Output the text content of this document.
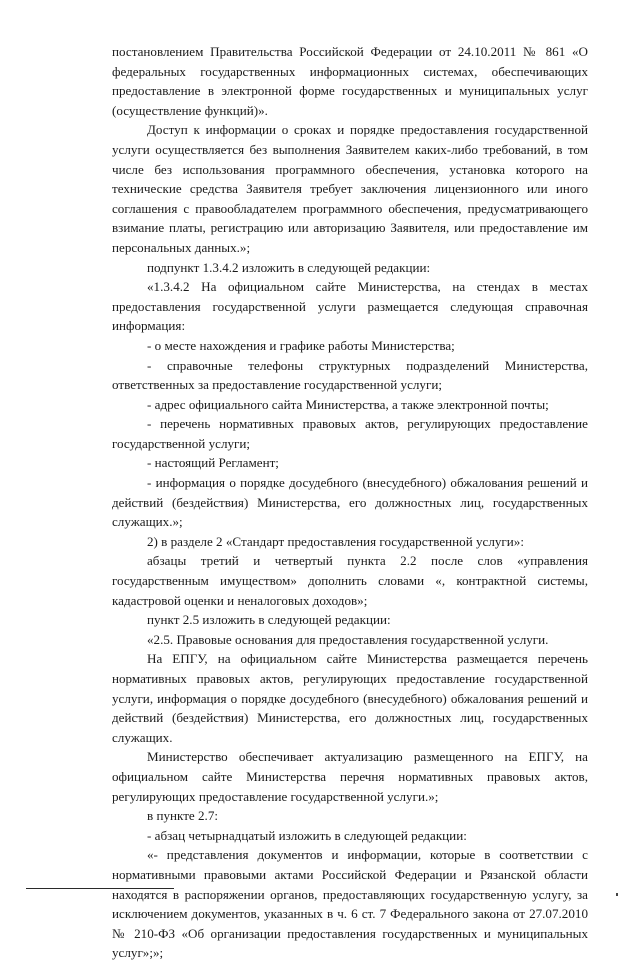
постановлением Правительства Российской Федерации от 24.10.2011 № 861 «О федеральных государственных информационных системах, обеспечивающих предоставление в электронной форме государственных и муниципальных услуг (осуществление функций)».

Доступ к информации о сроках и порядке предоставления государственной услуги осуществляется без выполнения Заявителем каких-либо требований, в том числе без использования программного обеспечения, установка которого на технические средства Заявителя требует заключения лицензионного или иного соглашения с правообладателем программного обеспечения, предусматривающего взимание платы, регистрацию или авторизацию Заявителя, или предоставление им персональных данных.»;

подпункт 1.3.4.2 изложить в следующей редакции:

«1.3.4.2 На официальном сайте Министерства, на стендах в местах предоставления государственной услуги размещается следующая справочная информация:

- о месте нахождения и графике работы Министерства;

- справочные телефоны структурных подразделений Министерства, ответственных за предоставление государственной услуги;

- адрес официального сайта Министерства, а также электронной почты;

- перечень нормативных правовых актов, регулирующих предоставление государственной услуги;

- настоящий Регламент;

- информация о порядке досудебного (внесудебного) обжалования решений и действий (бездействия) Министерства, его должностных лиц, государственных служащих.»;

2) в разделе 2 «Стандарт предоставления государственной услуги»:

абзацы третий и четвертый пункта 2.2 после слов «управления государственным имуществом» дополнить словами «, контрактной системы, кадастровой оценки и неналоговых доходов»;

пункт 2.5 изложить в следующей редакции:

«2.5. Правовые основания для предоставления государственной услуги.

На ЕПГУ, на официальном сайте Министерства размещается перечень нормативных правовых актов, регулирующих предоставление государственной услуги, информация о порядке досудебного (внесудебного) обжалования решений и действий (бездействия) Министерства, его должностных лиц, государственных служащих.

Министерство обеспечивает актуализацию размещенного на ЕПГУ, на официальном сайте Министерства перечня нормативных правовых актов, регулирующих предоставление государственной услуги.»;

в пункте 2.7:

- абзац четырнадцатый изложить в следующей редакции:

«- представления документов и информации, которые в соответствии с нормативными правовыми актами Российской Федерации и Рязанской области находятся в распоряжении органов, предоставляющих государственную услугу, за исключением документов, указанных в ч. 6 ст. 7 Федерального закона от 27.07.2010 № 210-ФЗ «Об организации предоставления государственных и муниципальных услуг»;»;
